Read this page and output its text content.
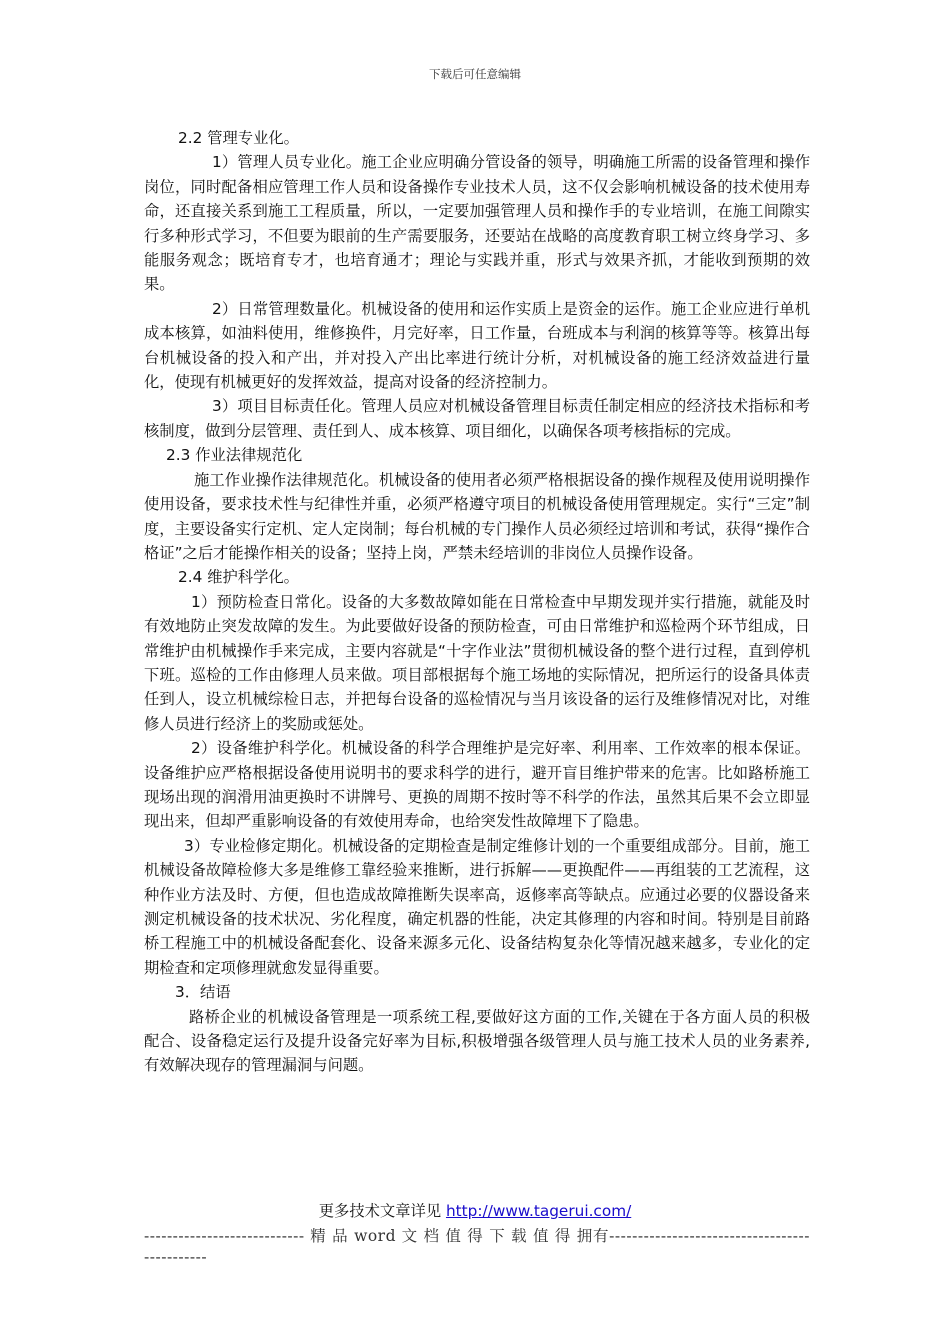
下载后可任意编辑

2.2 管理专业化。

1）管理人员专业化。施工企业应明确分管设备的领导，明确施工所需的设备管理和操作岗位，同时配备相应管理工作人员和设备操作专业技术人员，这不仅会影响机械设备的技术使用寿命，还直接关系到施工工程质量，所以，一定要加强管理人员和操作手的专业培训，在施工间隙实行多种形式学习，不但要为眼前的生产需要服务，还要站在战略的高度教育职工树立终身学习、多能服务观念；既培育专才，也培育通才；理论与实践并重，形式与效果齐抓，才能收到预期的效果。

2）日常管理数量化。机械设备的使用和运作实质上是资金的运作。施工企业应进行单机成本核算，如油料使用，维修换件，月完好率，日工作量，台班成本与利润的核算等等。核算出每台机械设备的投入和产出，并对投入产出比率进行统计分析，对机械设备的施工经济效益进行量化，使现有机械更好的发挥效益，提高对设备的经济控制力。

3）项目目标责任化。管理人员应对机械设备管理目标责任制定相应的经济技术指标和考核制度，做到分层管理、责任到人、成本核算、项目细化，以确保各项考核指标的完成。

2.3 作业法律规范化

施工作业操作法律规范化。机械设备的使用者必须严格根据设备的操作规程及使用说明操作使用设备，要求技术性与纪律性并重，必须严格遵守项目的机械设备使用管理规定。实行“三定”制度，主要设备实行定机、定人定岗制；每台机械的专门操作人员必须经过培训和考试，获得“操作合格证”之后才能操作相关的设备；坚持上岗，严禁未经培训的非岗位人员操作设备。

2.4 维护科学化。

1）预防检查日常化。设备的大多数故障如能在日常检查中早期发现并实行措施，就能及时有效地防止突发故障的发生。为此要做好设备的预防检查，可由日常维护和巡检两个环节组成，日常维护由机械操作手来完成，主要内容就是“十字作业法”贯彻机械设备的整个进行过程，直到停机下班。巡检的工作由修理人员来做。项目部根据每个施工场地的实际情况，把所运行的设备具体责任到人，设立机械综检日志，并把每台设备的巡检情况与当月该设备的运行及维修情况对比，对维修人员进行经济上的奖励或惩处。

2）设备维护科学化。机械设备的科学合理维护是完好率、利用率、工作效率的根本保证。设备维护应严格根据设备使用说明书的要求科学的进行，避开盲目维护带来的危害。比如路桥施工现场出现的润滑用油更换时不讲牌号、更换的周期不按时等不科学的作法，虽然其后果不会立即显现出来，但却严重影响设备的有效使用寿命，也给突发性故障埋下了隐患。

3）专业检修定期化。机械设备的定期检查是制定维修计划的一个重要组成部分。目前，施工机械设备故障检修大多是维修工靠经验来推断，进行拆解——更换配件——再组装的工艺流程，这种作业方法及时、方便，但也造成故障推断失误率高，返修率高等缺点。应通过必要的仪器设备来测定机械设备的技术状况、劣化程度，确定机器的性能，决定其修理的内容和时间。特别是目前路桥工程施工中的机械设备配套化、设备来源多元化、设备结构复杂化等情况越来越多，专业化的定期检查和定项修理就愈发显得重要。

3．结语

路桥企业的机械设备管理是一项系统工程,要做好这方面的工作,关键在于各方面人员的积极配合、设备稳定运行及提升设备完好率为目标,积极增强各级管理人员与施工技术人员的业务素养,有效解决现存的管理漏洞与问题。

更多技术文章详见 http://www.tagerui.com/
---------------------------- 精 品 word 文 档 值 得 下 载 值 得 拥有----------------------------------------------
